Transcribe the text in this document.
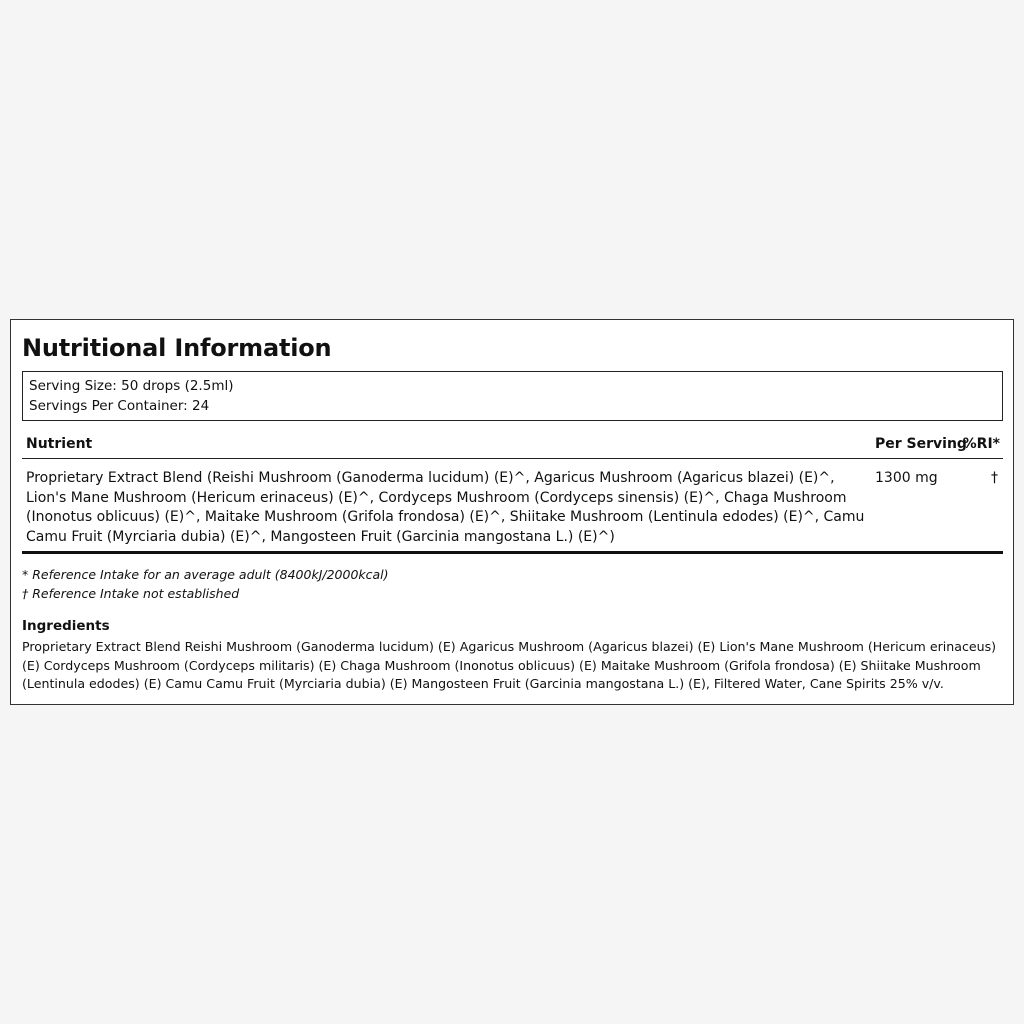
Nutritional Information
Serving Size: 50 drops (2.5ml)
Servings Per Container: 24
Nutrient	Per Serving
%RI*
Proprietary Extract Blend (Reishi Mushroom (Ganoderma lucidum) (E)^, Agaricus Mushroom (Agaricus blazei) (E)^, Lion's Mane Mushroom (Hericum erinaceus) (E)^, Cordyceps Mushroom (Cordyceps sinensis) (E)^, Chaga Mushroom (Inonotus oblicuus) (E)^, Maitake Mushroom (Grifola frondosa) (E)^, Shiitake Mushroom (Lentinula edodes) (E)^, Camu Camu Fruit (Myrciaria dubia) (E)^, Mangosteen Fruit (Garcinia mangostana L.) (E)^)
1300 mg	†
* Reference Intake for an average adult (8400kJ/2000kcal)
† Reference Intake not established
Ingredients
Proprietary Extract Blend Reishi Mushroom (Ganoderma lucidum) (E) Agaricus Mushroom (Agaricus blazei) (E) Lion's Mane Mushroom (Hericum erinaceus) (E) Cordyceps Mushroom (Cordyceps militaris) (E) Chaga Mushroom (Inonotus oblicuus) (E) Maitake Mushroom (Grifola frondosa) (E) Shiitake Mushroom (Lentinula edodes) (E) Camu Camu Fruit (Myrciaria dubia) (E) Mangosteen Fruit (Garcinia mangostana L.) (E), Filtered Water, Cane Spirits 25% v/v.
